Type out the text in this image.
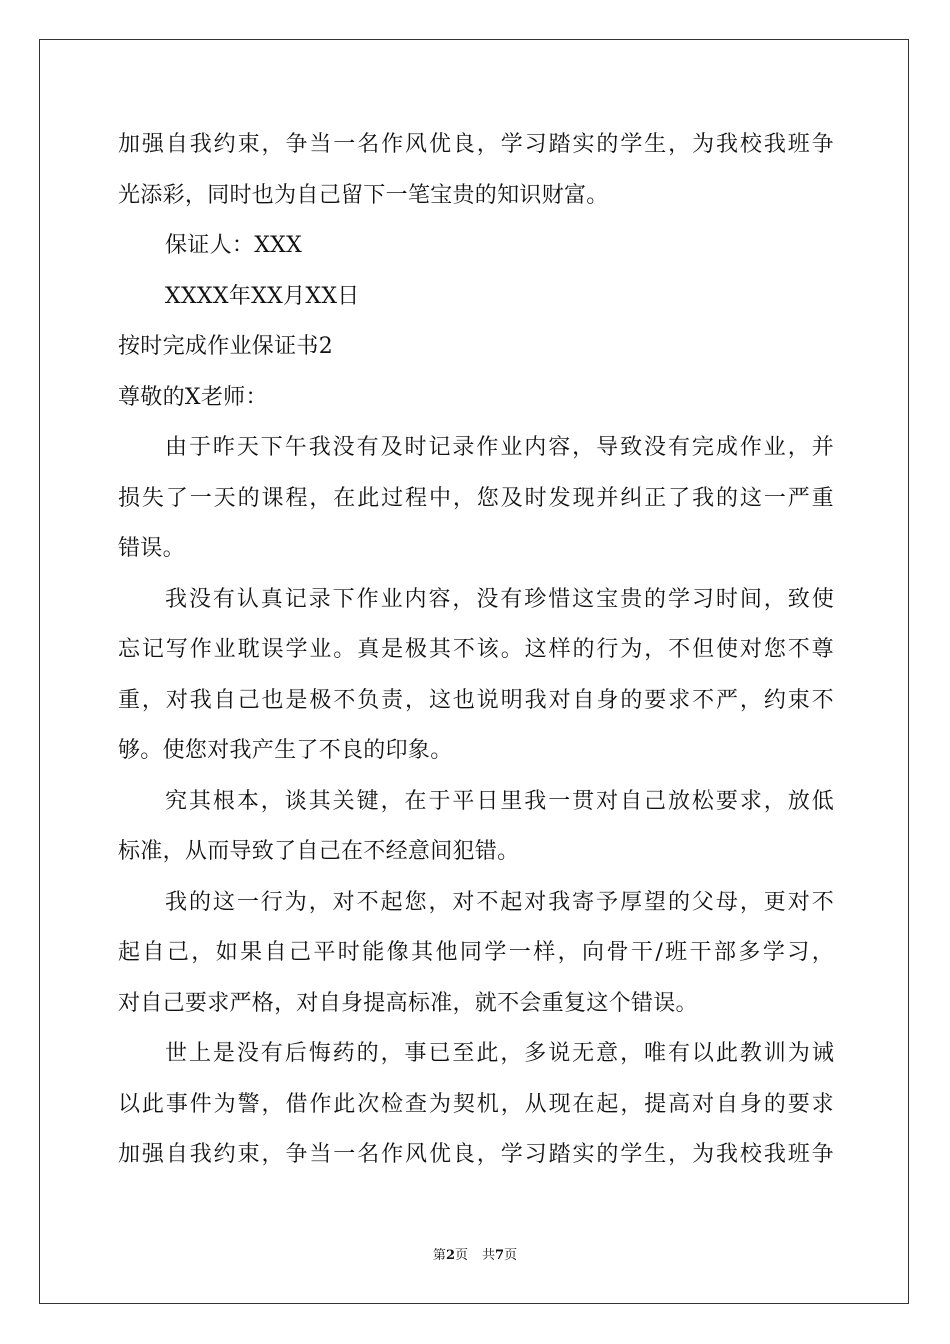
加强自我约束，争当一名作风优良，学习踏实的学生，为我校我班争
光添彩，同时也为自己留下一笔宝贵的知识财富。
保证人：XXX
XXXX年XX月XX日
按时完成作业保证书2
尊敬的X老师：
由于昨天下午我没有及时记录作业内容，导致没有完成作业，并
损失了一天的课程，在此过程中，您及时发现并纠正了我的这一严重
错误。
我没有认真记录下作业内容，没有珍惜这宝贵的学习时间，致使
忘记写作业耽误学业。真是极其不该。这样的行为，不但使对您不尊
重，对我自己也是极不负责，这也说明我对自身的要求不严，约束不
够。使您对我产生了不良的印象。
究其根本，谈其关键，在于平日里我一贯对自己放松要求，放低
标准，从而导致了自己在不经意间犯错。
我的这一行为，对不起您，对不起对我寄予厚望的父母，更对不
起自己，如果自己平时能像其他同学一样，向骨干/班干部多学习，
对自己要求严格，对自身提高标准，就不会重复这个错误。
世上是没有后悔药的，事已至此，多说无意，唯有以此教训为诫
以此事件为警，借作此次检查为契机，从现在起，提高对自身的要求
加强自我约束，争当一名作风优良，学习踏实的学生，为我校我班争
第2页 共7页
